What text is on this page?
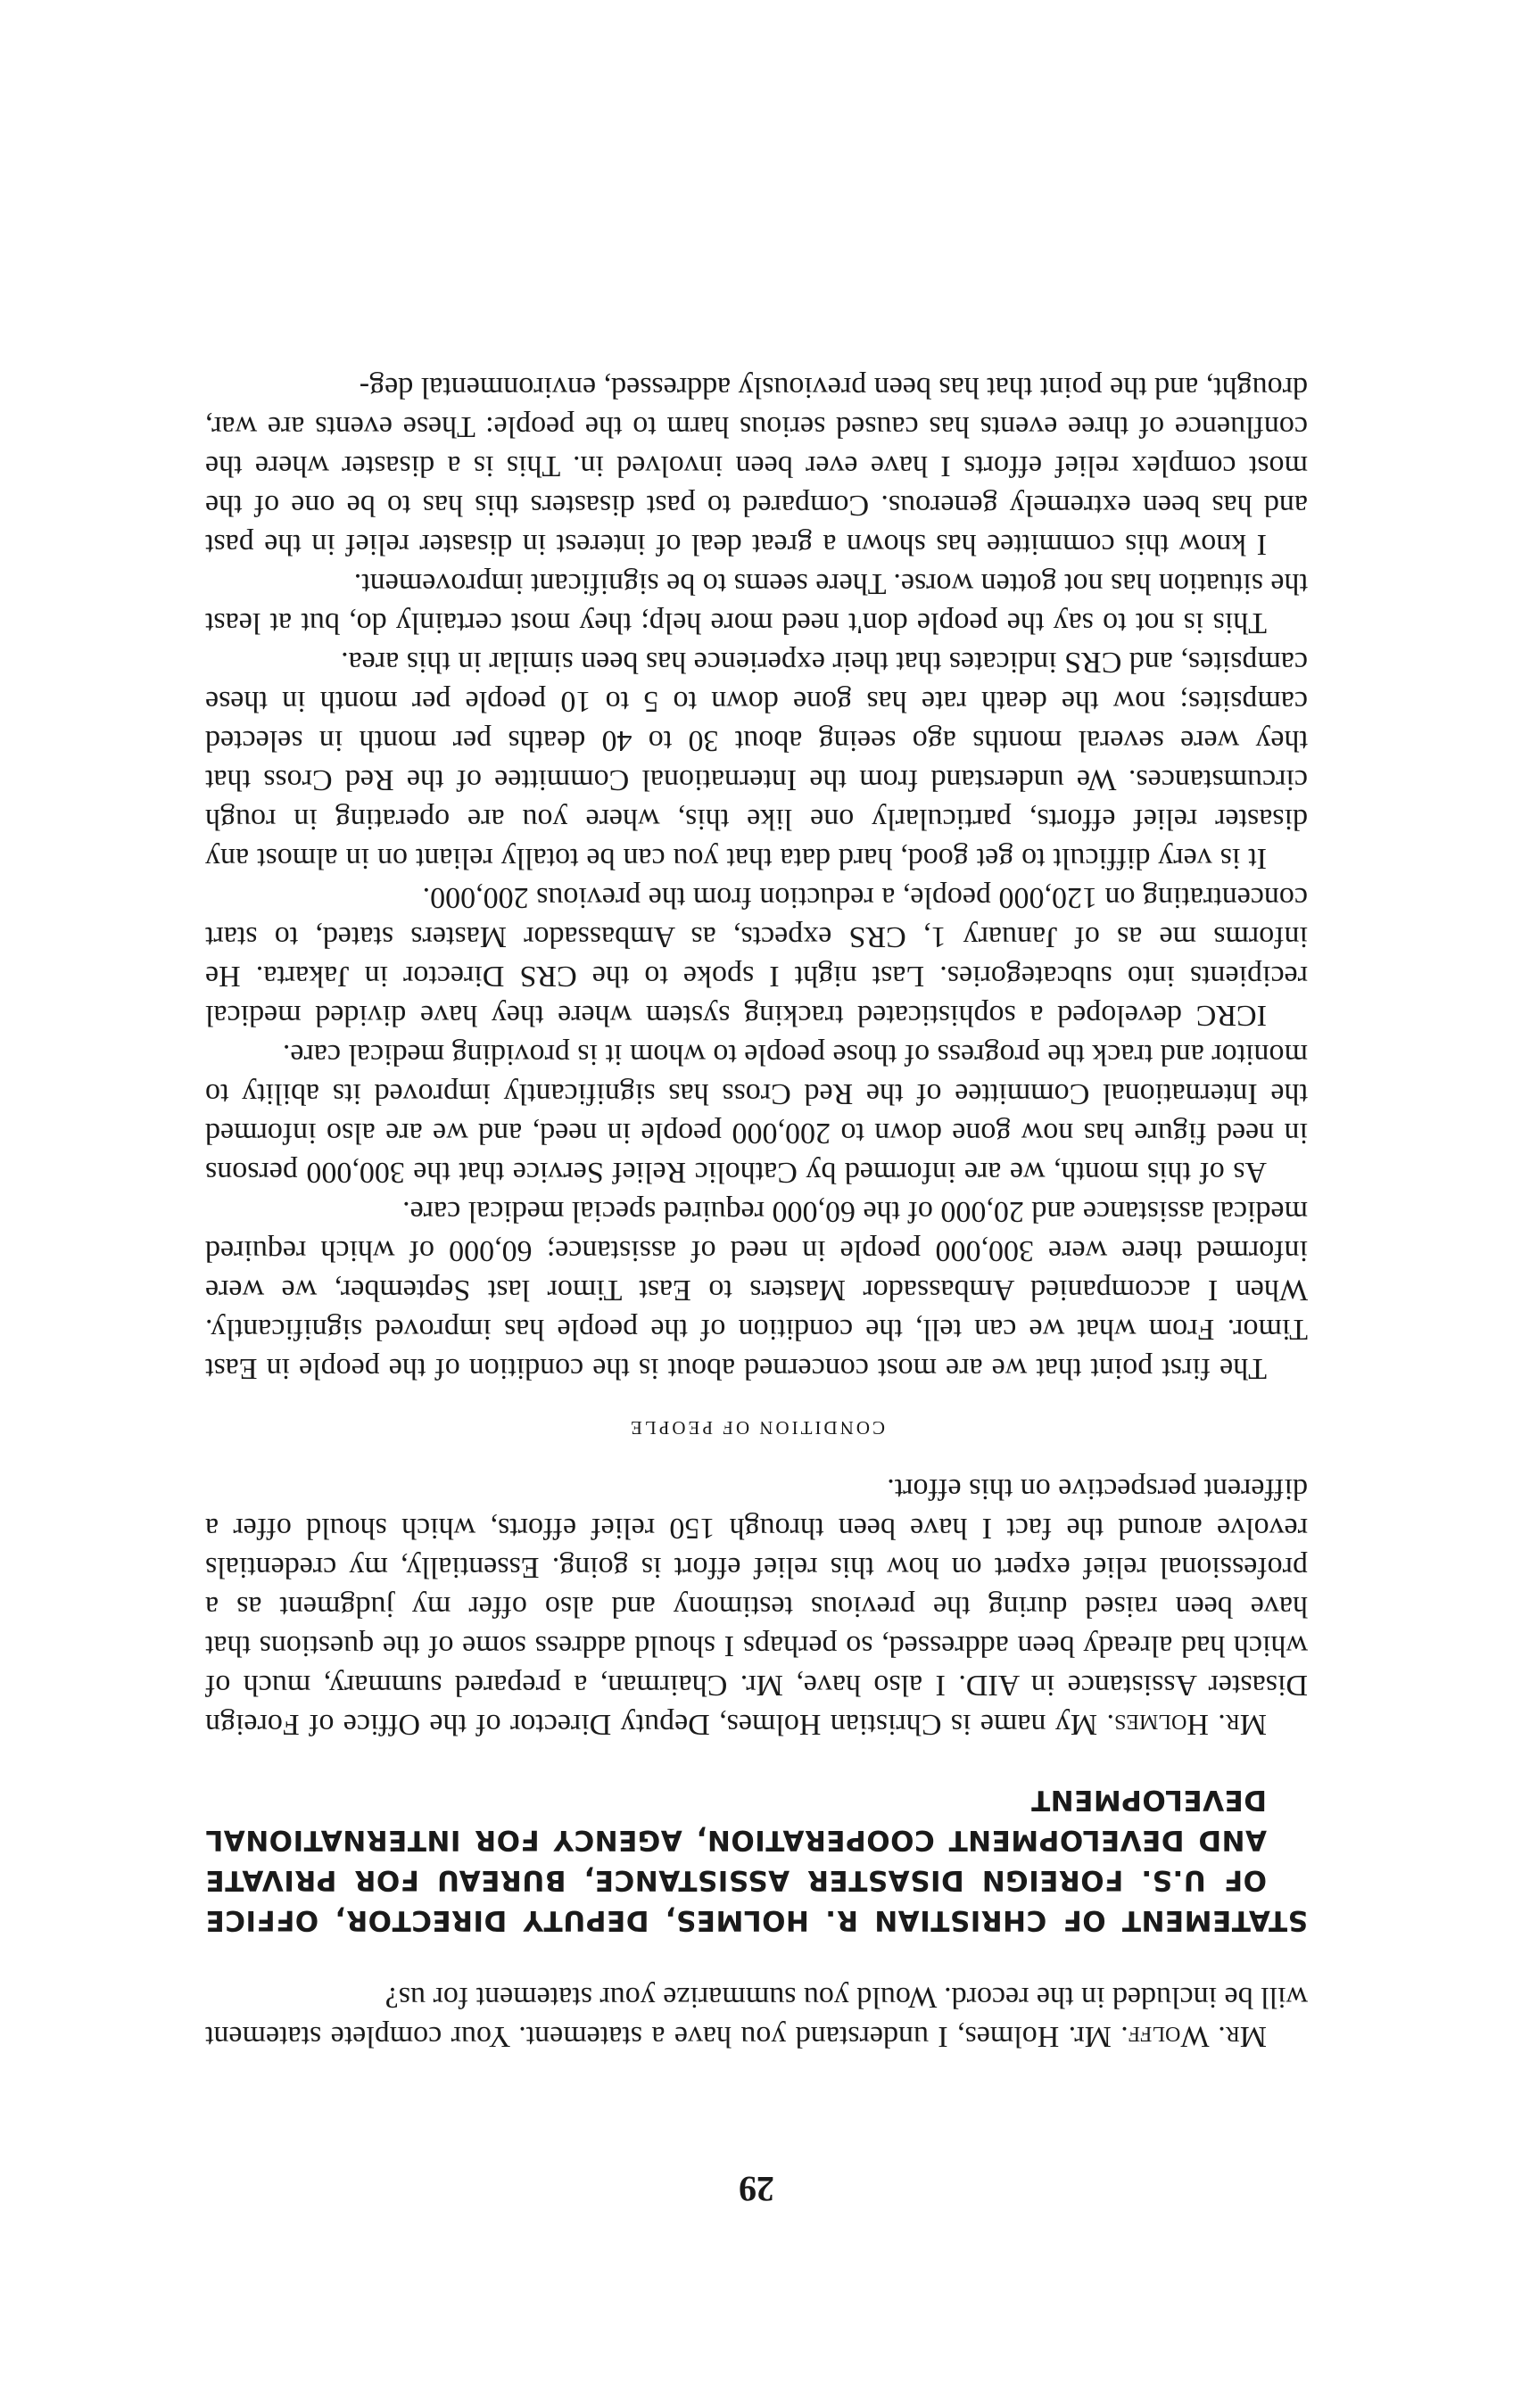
29

Mr. Wolff. Mr. Holmes, I understand you have a statement. Your complete statement will be included in the record. Would you summarize your statement for us?

STATEMENT OF CHRISTIAN R. HOLMES, DEPUTY DIRECTOR, OFFICE OF U.S. FOREIGN DISASTER ASSISTANCE, BUREAU FOR PRIVATE AND DEVELOPMENT COOPERATION, AGENCY FOR INTERNATIONAL DEVELOPMENT

Mr. Holmes. My name is Christian Holmes, Deputy Director of the Office of Foreign Disaster Assistance in AID. I also have, Mr. Chairman, a prepared summary, much of which had already been addressed, so perhaps I should address some of the questions that have been raised during the previous testimony and also offer my judgment as a professional relief expert on how this relief effort is going. Essentially, my credentials revolve around the fact I have been through 150 relief efforts, which should offer a different perspective on this effort.

CONDITION OF PEOPLE

The first point that we are most concerned about is the condition of the people in East Timor. From what we can tell, the condition of the people has improved significantly. When I accompanied Ambassador Masters to East Timor last September, we were informed there were 300,000 people in need of assistance; 60,000 of which required medical assistance and 20,000 of the 60,000 required special medical care.

As of this month, we are informed by Catholic Relief Service that the 300,000 persons in need figure has now gone down to 200,000 people in need, and we are also informed the International Committee of the Red Cross has significantly improved its ability to monitor and track the progress of those people to whom it is providing medical care.

ICRC developed a sophisticated tracking system where they have divided medical recipients into subcategories. Last night I spoke to the CRS Director in Jakarta. He informs me as of January 1, CRS expects, as Ambassador Masters stated, to start concentrating on 120,000 people, a reduction from the previous 200,000.

It is very difficult to get good, hard data that you can be totally reliant on in almost any disaster relief efforts, particularly one like this, where you are operating in rough circumstances. We understand from the International Committee of the Red Cross that they were several months ago seeing about 30 to 40 deaths per month in selected campsites; now the death rate has gone down to 5 to 10 people per month in these campsites, and CRS indicates that their experience has been similar in this area.

This is not to say the people don't need more help; they most certainly do, but at least the situation has not gotten worse. There seems to be significant improvement.

I know this committee has shown a great deal of interest in disaster relief in the past and has been extremely generous. Compared to past disasters this has to be one of the most complex relief efforts I have ever been involved in. This is a disaster where the confluence of three events has caused serious harm to the people: These events are war, drought, and the point that has been previously addressed, environmental deg-
